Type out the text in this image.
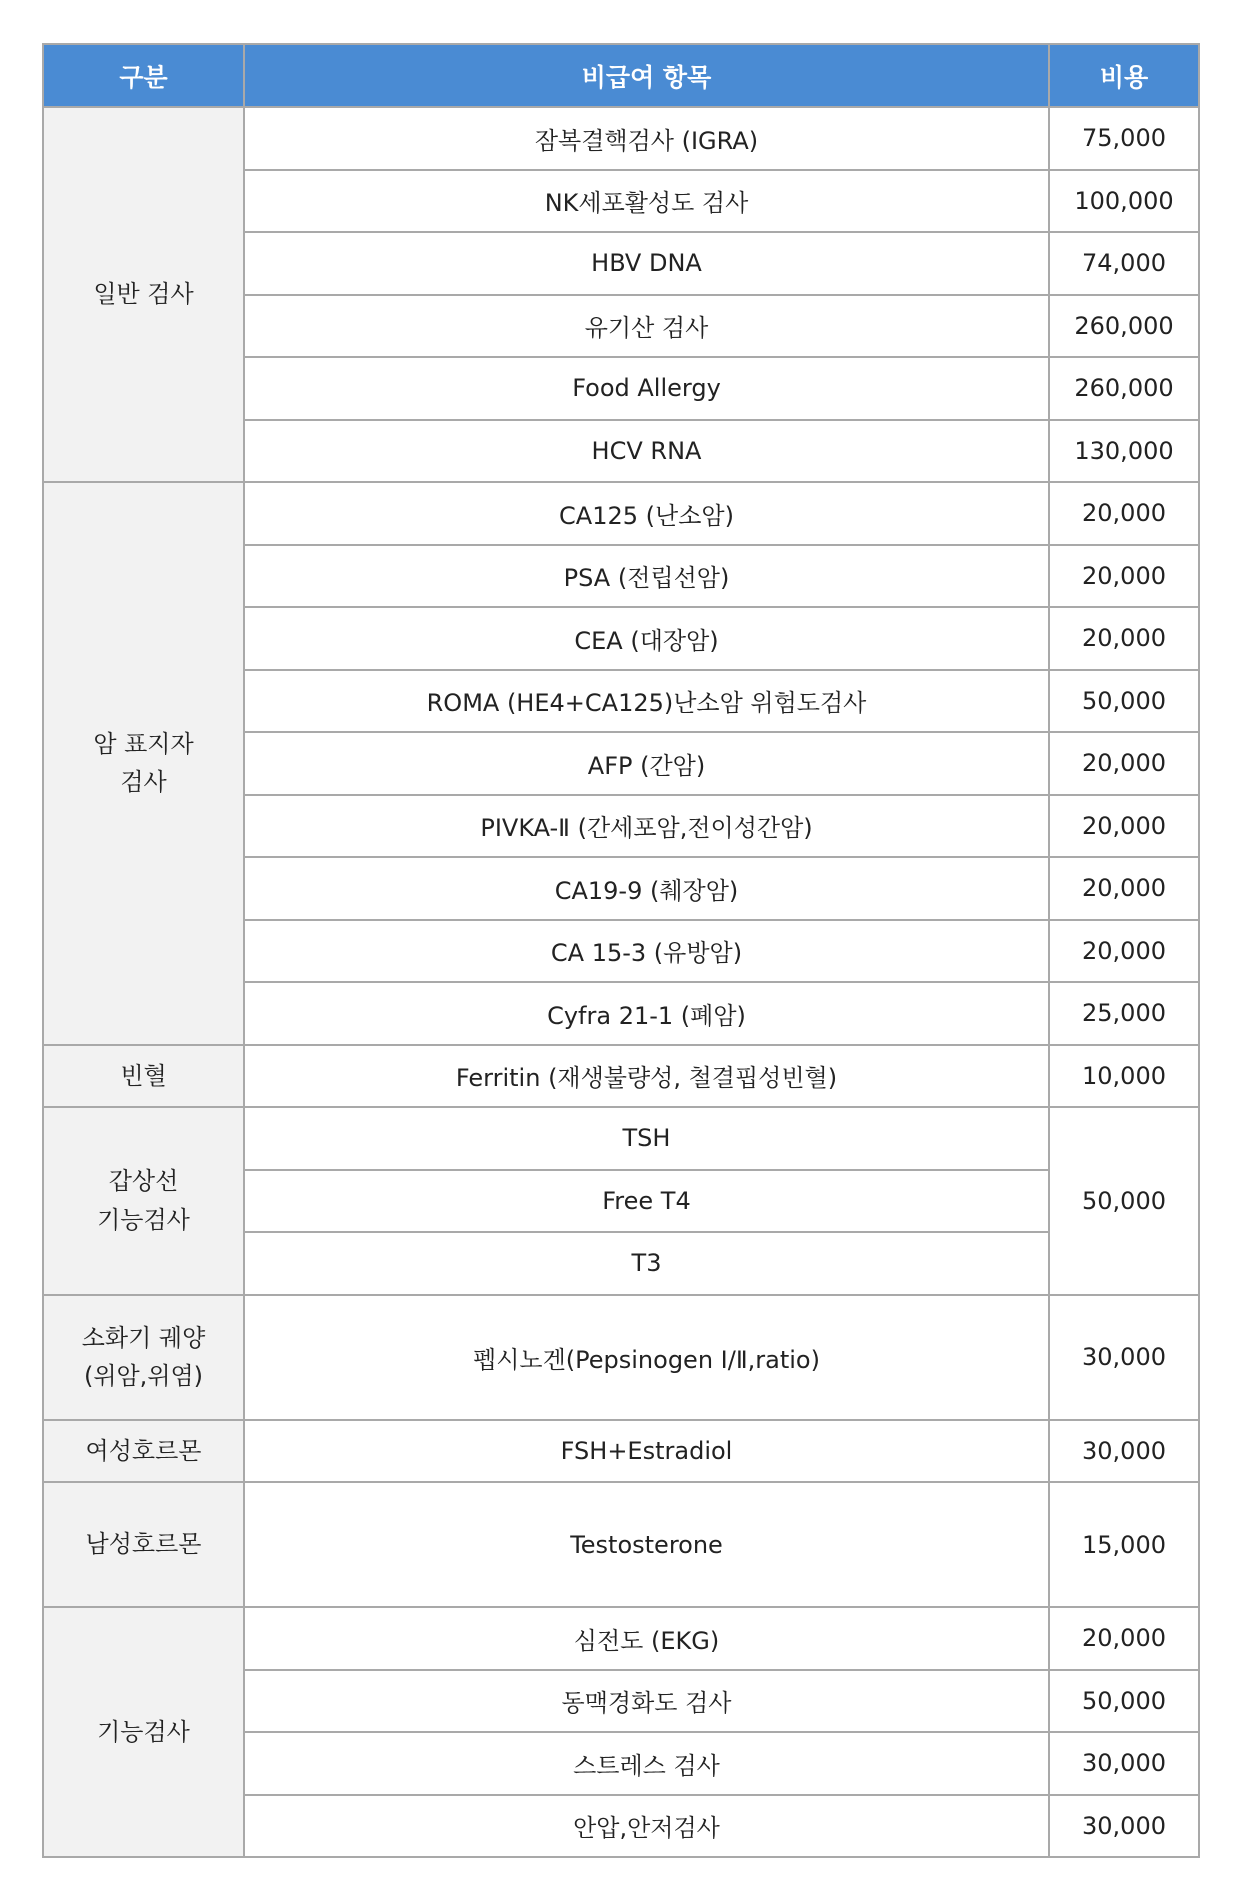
구분	비급여 항목	비용

일반 검사	잠복결핵검사 (IGRA)	75,000
	NK세포활성도 검사	100,000
	HBV DNA	74,000
	유기산 검사	260,000
	Food Allergy	260,000
	HCV RNA	130,000

암 표지자
검사	CA125 (난소암)	20,000
	PSA (전립선암)	20,000
	CEA (대장암)	20,000
	ROMA (HE4+CA125)난소암 위험도검사	50,000
	AFP (간암)	20,000
	PIVKA-Ⅱ (간세포암,전이성간암)	20,000
	CA19-9 (췌장암)	20,000
	CA 15-3 (유방암)	20,000
	Cyfra 21-1 (폐암)	25,000

빈혈	Ferritin (재생불량성, 철결핍성빈혈)	10,000

갑상선
기능검사	TSH	50,000
	Free T4	
	T3	

소화기 궤양
(위암,위염)	펩시노겐(Pepsinogen Ⅰ/Ⅱ,ratio)	30,000

여성호르몬	FSH+Estradiol	30,000

남성호르몬	Testosterone	15,000

기능검사	심전도 (EKG)	20,000
	동맥경화도 검사	50,000
	스트레스 검사	30,000
	안압,안저검사	30,000
